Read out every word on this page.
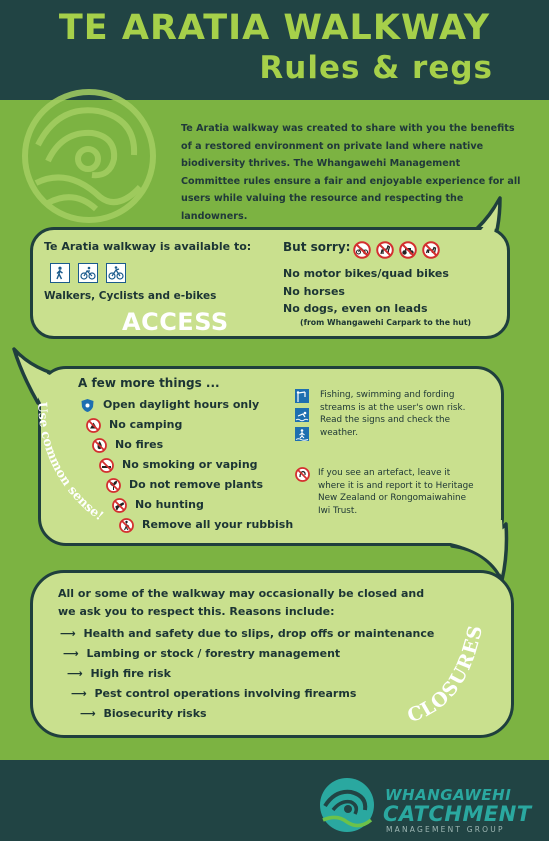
TE ARATIA WALKWAY
Rules & regs
Te Aratia walkway was created to share with you the benefits of a restored environment on private land where native biodiversity thrives. The Whangawehi Management Committee rules ensure a fair and enjoyable experience for all users while valuing the resource and respecting the landowners.
Te Aratia walkway is available to:
Walkers, Cyclists and e-bikes
ACCESS
But sorry:
No motor bikes/quad bikes
No horses
No dogs, even on leads
(from Whangawehi Carpark to the hut)
Use common sense!
A few more things ...
Open daylight hours only
No camping
No fires
No smoking or vaping
Do not remove plants
No hunting
Remove all your rubbish
Fishing, swimming and fording streams is at the user's own risk. Read the signs and check the weather.
If you see an artefact, leave it where it is and report it to Heritage New Zealand or Rongomaiwahine Iwi Trust.
All or some of the walkway may occasionally be closed and we ask you to respect this. Reasons include:
⟶ Health and safety due to slips, drop offs or maintenance
⟶ Lambing or stock / forestry management
⟶ High fire risk
⟶ Pest control operations involving firearms
⟶ Biosecurity risks	CLOSURES
WHANGAWEHI
CATCHMENT
MANAGEMENT GROUP
